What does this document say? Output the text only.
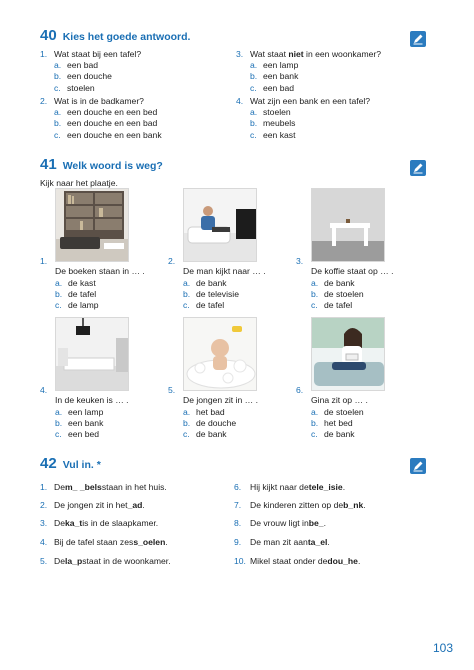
40 Kies het goede antwoord.
1. Wat staat bij een tafel?
a. een bad
b. een douche
c. stoelen
2. Wat is in de badkamer?
a. een douche en een bed
b. een douche en een bad
c. een douche en een bank
3. Wat staat niet in een woonkamer?
a. een lamp
b. een bank
c. een bad
4. Wat zijn een bank en een tafel?
a. stoelen
b. meubels
c. een kast
41 Welk woord is weg?
Kijk naar het plaatje.
1.
De boeken staan in … .
a. de kast
b. de tafel
c. de lamp
2.
De man kijkt naar … .
a. de bank
b. de televisie
c. de tafel
3.
De koffie staat op … .
a. de bank
b. de stoelen
c. de tafel
4.
In de keuken is … .
a. een lamp
b. een bank
c. een bed
5.
De jongen zit in … .
a. het bad
b. de douche
c. de bank
6.
Gina zit op … .
a. de stoelen
b. het bed
c. de bank
42 Vul in. *
1. De m _ _ bels staan in het huis.
2. De jongen zit in het _ ad .
3. De ka _ t is in de slaapkamer.
4. Bij de tafel staan zes s _ oelen .
5. De la _ p staat in de woonkamer.
6.	Hij kijkt naar de tele _ isie .
7.	De kinderen zitten op de b _ nk .
8.	De vrouw ligt in be _ .
9.	De man zit aan ta _ el .
10. Mikel staat onder de dou _ he .
103
